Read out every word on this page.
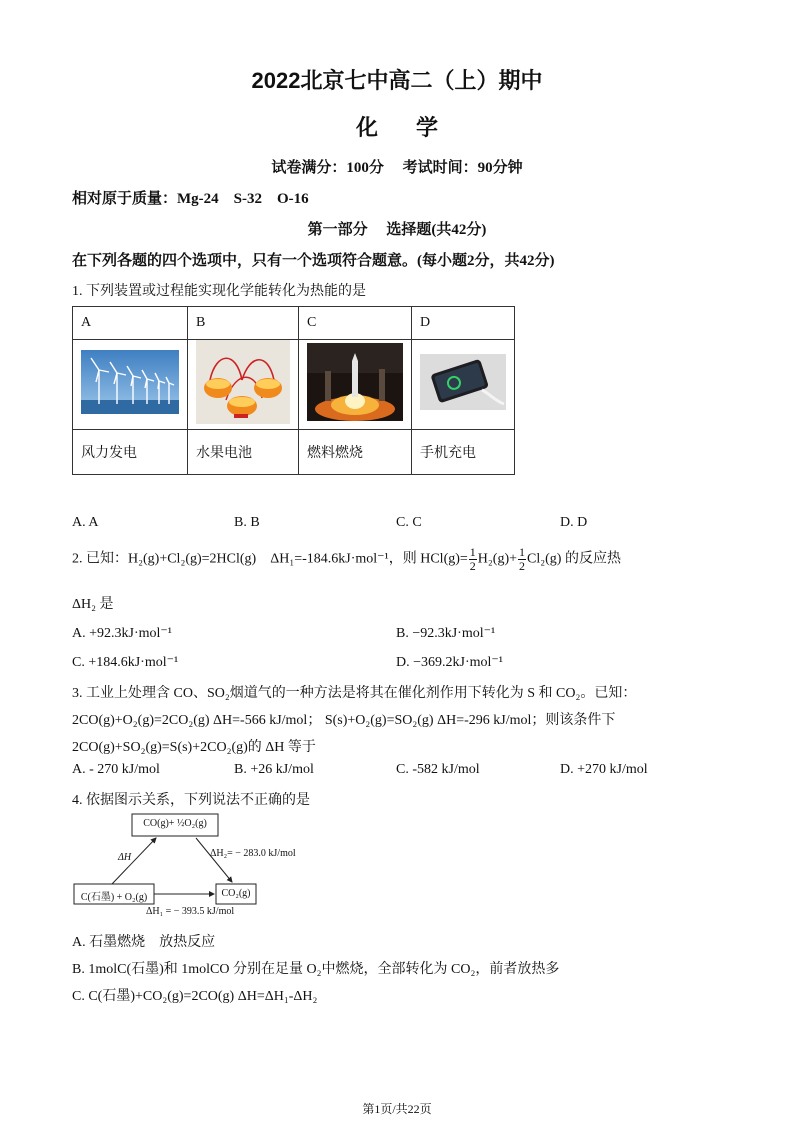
2022北京七中高二（上）期中
化学
试卷满分：100分　 考试时间：90分钟
相对原于质量：Mg-24　S-32　O-16
第一部分　 选择题(共42分)
在下列各题的四个选项中，只有一个选项符合题意。(每小题2分，共42分)
1. 下列装置或过程能实现化学能转化为热能的是
A	B	C	D

风力发电	水果电池	燃料燃烧	手机充电
A. A	B. B	C. C	D. D
2. 已知：H₂(g)+Cl₂(g)=2HCl(g)　ΔH₁=-184.6kJ·mol⁻¹，则 $HCl(g)= \frac{1}{2} H_2(g)+ \frac{1}{2} Cl_2(g)$ 的反应热
ΔH₂ 是
A. +92.3kJ·mol⁻¹	B. −92.3kJ·mol⁻¹
C. +184.6kJ·mol⁻¹	D. −369.2kJ·mol⁻¹
3. 工业上处理含 CO、SO₂烟道气的一种方法是将其在催化剂作用下转化为 S 和 CO₂。已知：
2CO(g)+O₂(g)=2CO₂(g) ΔH=-566 kJ/mol； S(s)+O₂(g)=SO₂(g) ΔH=-296 kJ/mol；则该条件下
2CO(g)+SO₂(g)=S(s)+2CO₂(g)的 ΔH 等于
A. - 270 kJ/mol	B. +26 kJ/mol	C. -582 kJ/mol	D. +270 kJ/mol
4. 依据图示关系，下列说法不正确的是
CO(g)+ ½O₂(g)
C(石墨) + O₂(g)	CO₂(g)
ΔH	ΔH₂= − 283.0 kJ/mol
ΔH₁ = − 393.5 kJ/mol
A. 石墨燃烧　放热反应
B. 1molC(石墨)和 1molCO 分别在足量 O₂中燃烧，全部转化为 CO₂，前者放热多
C. C(石墨)+CO₂(g)=2CO(g) ΔH=ΔH₁-ΔH₂
第1页/共22页
